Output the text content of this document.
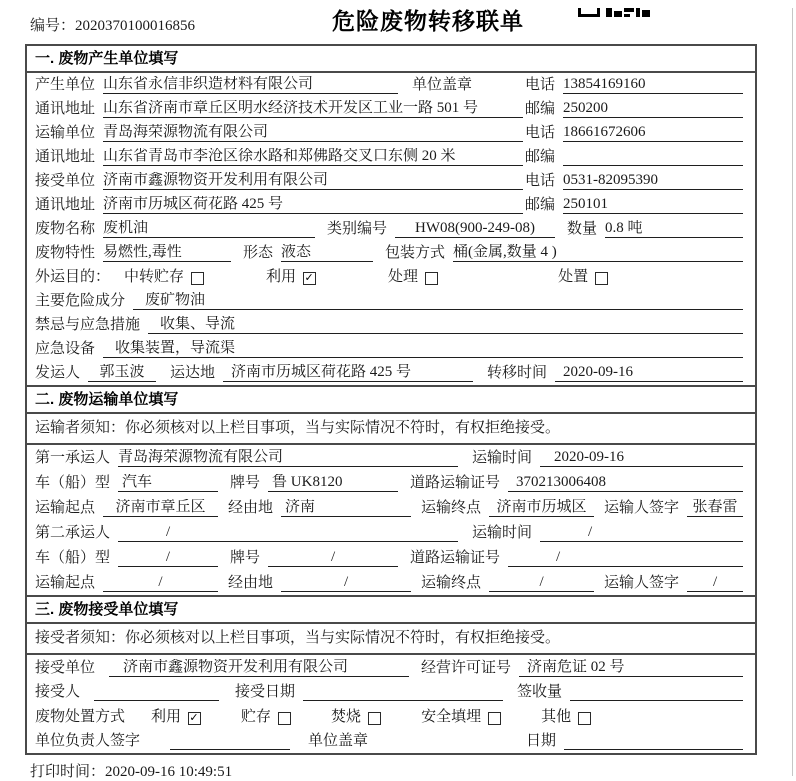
编号：2020370100016856	危险废物转移联单
一. 废物产生单位填写
产生单位 山东省永信非织造材料有限公司	单位盖章	电话 13854169160
通讯地址 山东省济南市章丘区明水经济技术开发区工业一路 501 号	邮编 250200
运输单位 青岛海荣源物流有限公司	电话 18661672606
通讯地址 山东省青岛市李沧区徐水路和郑佛路交叉口东侧 20 米	邮编
接受单位 济南市鑫源物资开发利用有限公司	电话 0531-82095390
通讯地址 济南市历城区荷花路 425 号	邮编 250101
废物名称 废机油	类别编号	HW08(900-249-08)	数量 0.8 吨
废物特性 易燃性,毒性	形态 液态	包装方式 桶(金属,数量 4 )
外运目的： 中转贮存	利用 ✓	处理	处置
主要危险成分	废矿物油
禁忌与应急措施	收集、导流
应急设备	收集装置，导流渠
发运人	郭玉波	运达地	济南市历城区荷花路 425 号	转移时间	2020-09-16
二. 废物运输单位填写
运输者须知：你必须核对以上栏目事项，当与实际情况不符时，有权拒绝接受。
第一承运人 青岛海荣源物流有限公司	运输时间	2020-09-16
车（船）型 汽车	牌号 鲁 UK8120	道路运输证号	370213006408
运输起点	济南市章丘区	经由地 济南	运输终点	济南市历城区	运输人签字 张春雷
第二承运人	/	运输时间	/
车（船）型	/	牌号	/	道路运输证号	/
运输起点	/	经由地	/	运输终点	/	运输人签字	/
三. 废物接受单位填写
接受者须知：你必须核对以上栏目事项，当与实际情况不符时，有权拒绝接受。
接受单位	济南市鑫源物资开发利用有限公司	经营许可证号	济南危证 02 号
接受人	接受日期	签收量
废物处置方式 利用 ✓	贮存	焚烧	安全填埋	其他
单位负责人签字	单位盖章	日期
打印时间：2020-09-16 10:49:51
